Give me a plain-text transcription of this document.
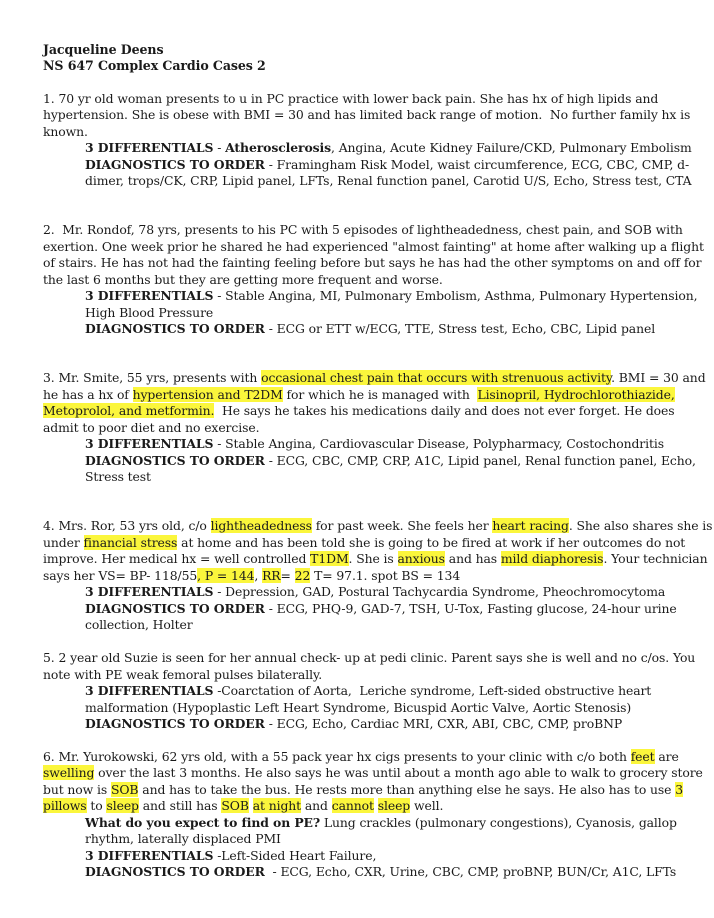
Jacqueline Deens
NS 647 Complex Cardio Cases 2
1. 70 yr old woman presents to u in PC practice with lower back pain. She has hx of high lipids and
hypertension. She is obese with BMI = 30 and has limited back range of motion.  No further family hx is
known.
3 DIFFERENTIALS - Atherosclerosis, Angina, Acute Kidney Failure/CKD, Pulmonary Embolism
DIAGNOSTICS TO ORDER - Framingham Risk Model, waist circumference, ECG, CBC, CMP, d-
dimer, trops/CK, CRP, Lipid panel, LFTs, Renal function panel, Carotid U/S, Echo, Stress test, CTA
2.  Mr. Rondof, 78 yrs, presents to his PC with 5 episodes of lightheadedness, chest pain, and SOB with
exertion. One week prior he shared he had experienced "almost fainting" at home after walking up a flight
of stairs. He has not had the fainting feeling before but says he has had the other symptoms on and off for
the last 6 months but they are getting more frequent and worse.
3 DIFFERENTIALS - Stable Angina, MI, Pulmonary Embolism, Asthma, Pulmonary Hypertension,
High Blood Pressure
DIAGNOSTICS TO ORDER - ECG or ETT w/ECG, TTE, Stress test, Echo, CBC, Lipid panel
3. Mr. Smite, 55 yrs, presents with occasional chest pain that occurs with strenuous activity. BMI = 30 and
he has a hx of hypertension and T2DM for which he is managed with  Lisinopril, Hydrochlorothiazide,
Metoprolol, and metformin.  He says he takes his medications daily and does not ever forget. He does
admit to poor diet and no exercise.
3 DIFFERENTIALS - Stable Angina, Cardiovascular Disease, Polypharmacy, Costochondritis
DIAGNOSTICS TO ORDER - ECG, CBC, CMP, CRP, A1C, Lipid panel, Renal function panel, Echo,
Stress test
4. Mrs. Ror, 53 yrs old, c/o lightheadedness for past week. She feels her heart racing. She also shares she is
under financial stress at home and has been told she is going to be fired at work if her outcomes do not
improve. Her medical hx = well controlled T1DM. She is anxious and has mild diaphoresis. Your technician
says her VS= BP- 118/55, P = 144, RR= 22 T= 97.1. spot BS = 134
3 DIFFERENTIALS - Depression, GAD, Postural Tachycardia Syndrome, Pheochromocytoma
DIAGNOSTICS TO ORDER - ECG, PHQ-9, GAD-7, TSH, U-Tox, Fasting glucose, 24-hour urine
collection, Holter
5. 2 year old Suzie is seen for her annual check- up at pedi clinic. Parent says she is well and no c/os. You
note with PE weak femoral pulses bilaterally.
3 DIFFERENTIALS -Coarctation of Aorta,  Leriche syndrome, Left-sided obstructive heart
malformation (Hypoplastic Left Heart Syndrome, Bicuspid Aortic Valve, Aortic Stenosis)
DIAGNOSTICS TO ORDER - ECG, Echo, Cardiac MRI, CXR, ABI, CBC, CMP, proBNP
6. Mr. Yurokowski, 62 yrs old, with a 55 pack year hx cigs presents to your clinic with c/o both feet are
swelling over the last 3 months. He also says he was until about a month ago able to walk to grocery store
but now is SOB and has to take the bus. He rests more than anything else he says. He also has to use 3
pillows to sleep and still has SOB at night and cannot sleep well.
What do you expect to find on PE? Lung crackles (pulmonary congestions), Cyanosis, gallop
rhythm, laterally displaced PMI
3 DIFFERENTIALS -Left-Sided Heart Failure,
DIAGNOSTICS TO ORDER  - ECG, Echo, CXR, Urine, CBC, CMP, proBNP, BUN/Cr, A1C, LFTs
